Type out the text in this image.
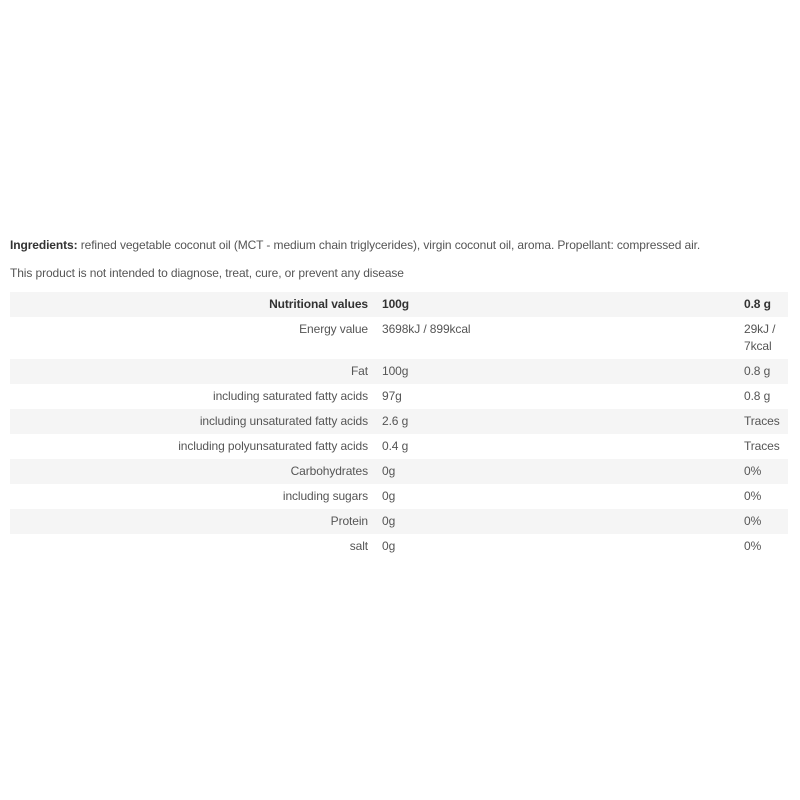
Ingredients: refined vegetable coconut oil (MCT - medium chain triglycerides), virgin coconut oil, aroma. Propellant: compressed air.
This product is not intended to diagnose, treat, cure, or prevent any disease
Nutritional values	100g	0.8 g
Energy value	3698kJ / 899kcal	29kJ / 7kcal
Fat	100g	0.8 g
including saturated fatty acids	97g	0.8 g
including unsaturated fatty acids	2.6 g	Traces
including polyunsaturated fatty acids	0.4 g	Traces
Carbohydrates	0g	0%
including sugars	0g	0%
Protein	0g	0%
salt	0g	0%
